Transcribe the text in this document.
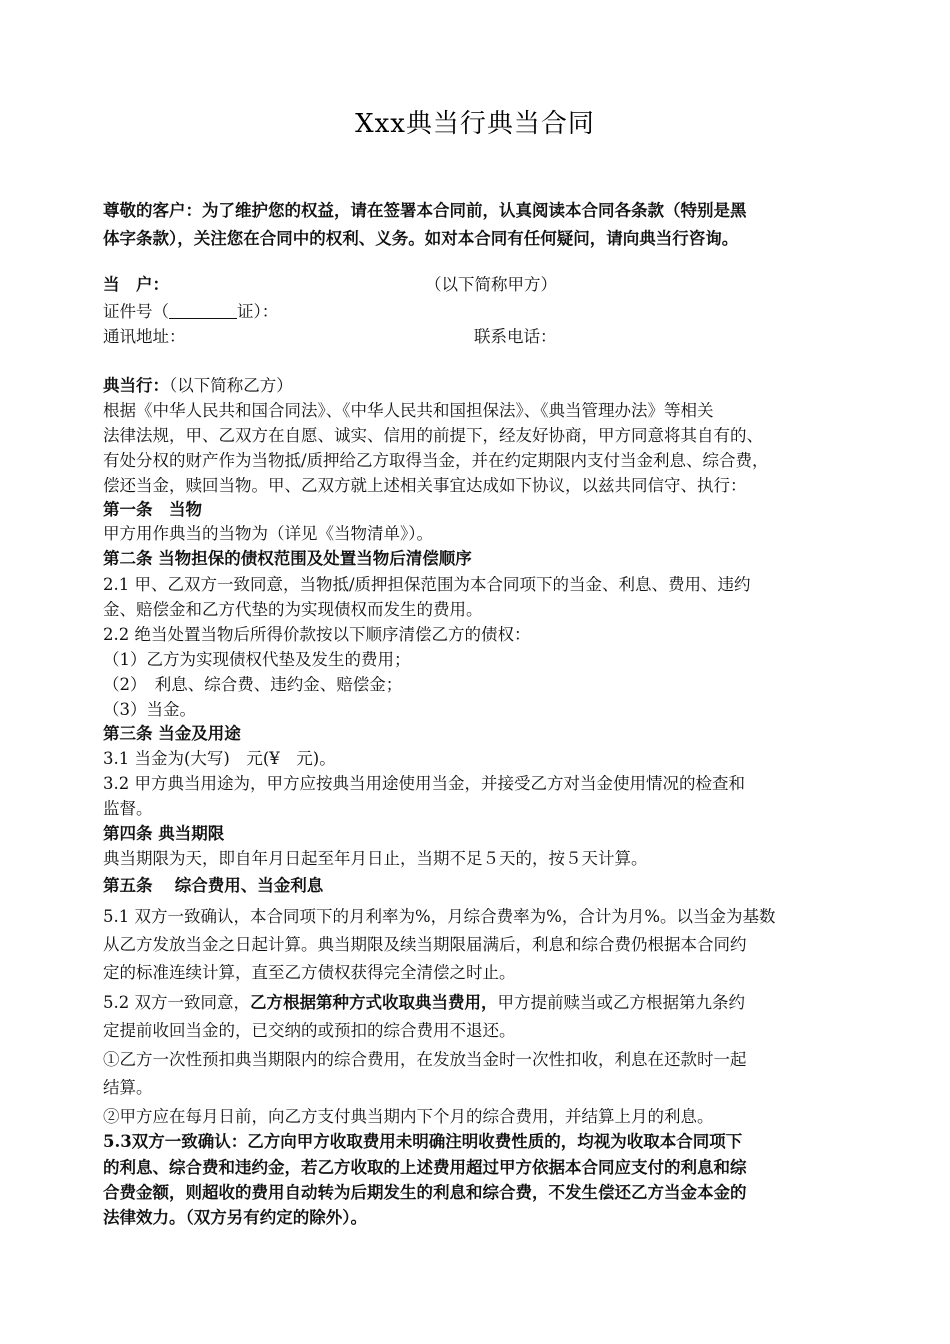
Xxx典当行典当合同
尊敬的客户：为了维护您的权益，请在签署本合同前，认真阅读本合同各条款（特别是黑
体字条款），关注您在合同中的权利、义务。如对本合同有任何疑问，请向典当行咨询。
当　户：	（以下简称甲方）
证件号（	证）：
通讯地址：	联系电话：
典当行：（以下简称乙方）
根据《中华人民共和国合同法》、《中华人民共和国担保法》、《典当管理办法》等相关
法律法规，甲、乙双方在自愿、诚实、信用的前提下，经友好协商，甲方同意将其自有的、
有处分权的财产作为当物抵/质押给乙方取得当金，并在约定期限内支付当金利息、综合费，
偿还当金，赎回当物。甲、乙双方就上述相关事宜达成如下协议，以兹共同信守、执行：
第一条　当物
甲方用作典当的当物为（详见《当物清单》）。
第二条 当物担保的债权范围及处置当物后清偿顺序
2.1 甲、乙双方一致同意，当物抵/质押担保范围为本合同项下的当金、利息、费用、违约
金、赔偿金和乙方代垫的为实现债权而发生的费用。
2.2 绝当处置当物后所得价款按以下顺序清偿乙方的债权：
（1）乙方为实现债权代垫及发生的费用；
（2）　利息、综合费、违约金、赔偿金；
（3）当金。
第三条 当金及用途
3.1 当金为(大写)　元(¥　元)。
3.2 甲方典当用途为，甲方应按典当用途使用当金，并接受乙方对当金使用情况的检查和
监督。
第四条 典当期限
典当期限为天，即自年月日起至年月日止，当期不足５天的，按５天计算。
第五条　 综合费用、当金利息
5.1 双方一致确认，本合同项下的月利率为%，月综合费率为%，合计为月%。以当金为基数
从乙方发放当金之日起计算。典当期限及续当期限届满后，利息和综合费仍根据本合同约
定的标准连续计算，直至乙方债权获得完全清偿之时止。
5.2 双方一致同意，乙方根据第种方式收取典当费用，甲方提前赎当或乙方根据第九条约
定提前收回当金的，已交纳的或预扣的综合费用不退还。
①乙方一次性预扣典当期限内的综合费用，在发放当金时一次性扣收，利息在还款时一起
结算。
②甲方应在每月日前，向乙方支付典当期内下个月的综合费用，并结算上月的利息。
5.3双方一致确认：乙方向甲方收取费用未明确注明收费性质的，均视为收取本合同项下
的利息、综合费和违约金，若乙方收取的上述费用超过甲方依据本合同应支付的利息和综
合费金额，则超收的费用自动转为后期发生的利息和综合费，不发生偿还乙方当金本金的
法律效力。（双方另有约定的除外）。
